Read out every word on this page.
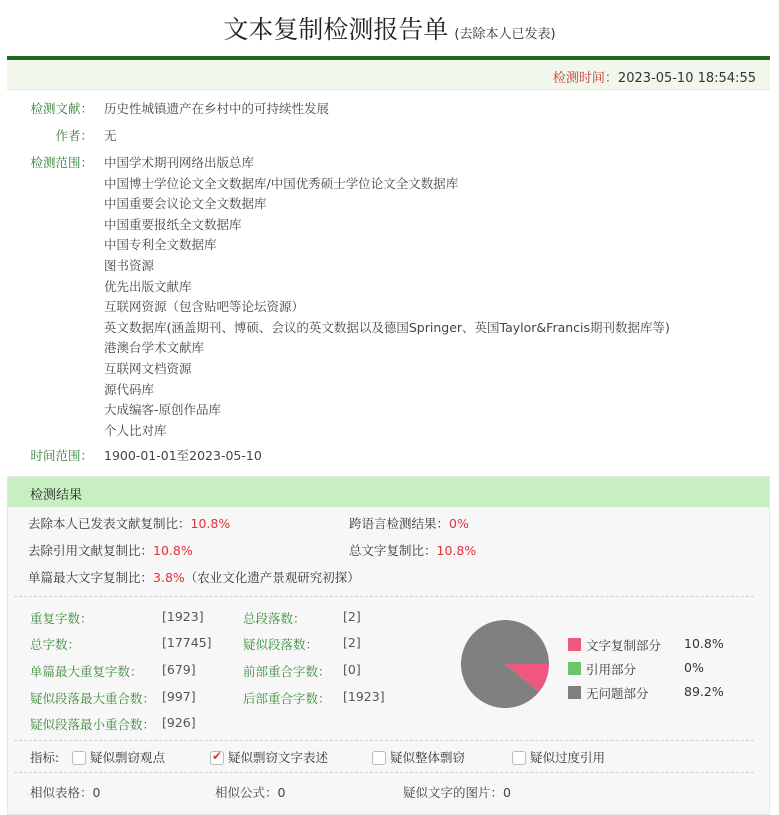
文本复制检测报告单 (去除本人已发表)
检测时间：2023-05-10 18:54:55
检测文献： 历史性城镇遗产在乡村中的可持续性发展
作者： 无
检测范围： 中国学术期刊网络出版总库
中国博士学位论文全文数据库/中国优秀硕士学位论文全文数据库
中国重要会议论文全文数据库
中国重要报纸全文数据库
中国专利全文数据库
图书资源
优先出版文献库
互联网资源（包含贴吧等论坛资源）
英文数据库(涵盖期刊、博硕、会议的英文数据以及德国Springer、英国Taylor&Francis期刊数据库等)
港澳台学术文献库
互联网文档资源
源代码库
大成编客-原创作品库
个人比对库
时间范围： 1900-01-01至2023-05-10
检测结果
去除本人已发表文献复制比：10.8%	跨语言检测结果：0%
去除引用文献复制比：10.8%	总文字复制比：10.8%
单篇最大文字复制比：3.8%（农业文化遗产景观研究初探）
重复字数：	[1923]	总段落数：	[2]
总字数：	[17745]	疑似段落数： [2]
单篇最大重复字数： [679]	前部重合字数： [0]
疑似段落最大重合数： [997]	后部重合字数： [1923]
疑似段落最小重合数： [926]
文字复制部分 10.8%
引用部分	0%
无问题部分	89.2%
指标:	疑似剽窃观点
✔	疑似剽窃文字表述	疑似整体剽窃	疑似过度引用
相似表格：0	相似公式：0	疑似文字的图片：0
